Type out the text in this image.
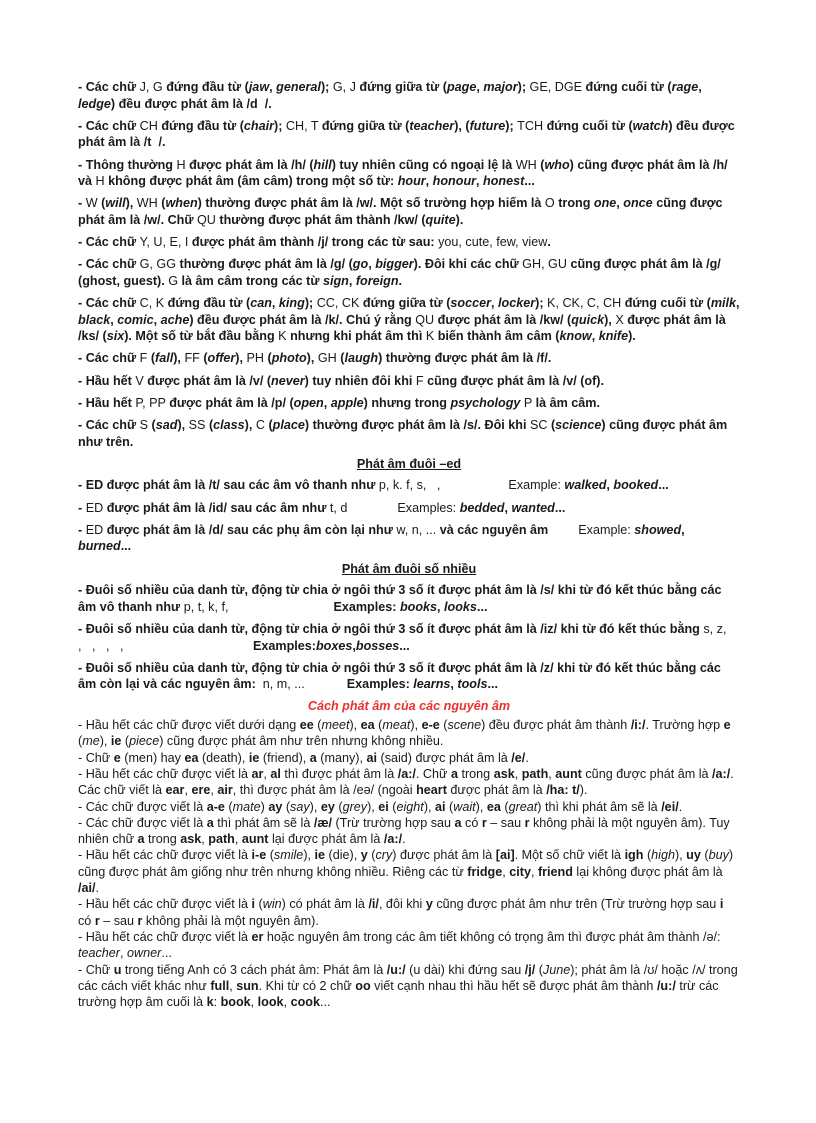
- Các chữ J, G đứng đầu từ (jaw, general); G, J đứng giữa từ (page, major); GE, DGE đứng cuối từ (rage, ledge) đều được phát âm là /d  /.

- Các chữ CH đứng đầu từ (chair); CH, T đứng giữa từ (teacher), (future); TCH đứng cuối từ (watch) đều được phát âm là /t  /.

- Thông thường H được phát âm là /h/ (hill) tuy nhiên cũng có ngoại lệ là WH (who) cũng được phát âm là /h/ và H không được phát âm (âm câm) trong một số từ: hour, honour, honest...

- W (will), WH (when) thường được phát âm là /w/. Một số trường hợp hiếm là O trong one, once cũng được phát âm là /w/. Chữ QU thường được phát âm thành /kw/ (quite).

- Các chữ Y, U, E, I được phát âm thành /j/ trong các từ sau: you, cute, few, view.

- Các chữ G, GG thường được phát âm là /g/ (go, bigger). Đôi khi các chữ GH, GU cũng được phát âm là /g/ (ghost, guest). G là âm câm trong các từ sign, foreign.

- Các chữ C, K đứng đầu từ (can, king); CC, CK đứng giữa từ (soccer, locker); K, CK, C, CH đứng cuối từ (milk, black, comic, ache) đều được phát âm là /k/. Chú ý rằng QU được phát âm là /kw/ (quick), X được phát âm là /ks/ (six). Một số từ bắt đầu bằng K nhưng khi phát âm thì K biến thành âm câm (know, knife).

- Các chữ F (fall), FF (offer), PH (photo), GH (laugh) thường được phát âm là /f/.

- Hầu hết V được phát âm là /v/ (never) tuy nhiên đôi khi F cũng được phát âm là /v/ (of).

- Hầu hết P, PP được phát âm là /p/ (open, apple) nhưng trong psychology P là âm câm.

- Các chữ S (sad), SS (class), C (place) thường được phát âm là /s/. Đôi khi SC (science) cũng được phát âm như trên.

Phát âm đuôi –ed

- ED được phát âm là /t/ sau các âm vô thanh như p, k. f, s,   ,	Example: walked, booked...

- ED được phát âm là /id/ sau các âm như t, d	Examples: bedded, wanted...

- ED được phát âm là /d/ sau các phụ âm còn lại như w, n, ... và các nguyên âm Example: showed, burned...

Phát âm đuôi số nhiều

- Đuôi số nhiều của danh từ, động từ chia ở ngôi thứ 3 số ít được phát âm là /s/ khi từ đó kết thúc bằng các âm vô thanh như p, t, k, f,	Examples: books, looks...

- Đuôi số nhiều của danh từ, động từ chia ở ngôi thứ 3 số ít được phát âm là /iz/ khi từ đó kết thúc bằng s, z,   ,   ,   ,   ,	Examples:boxes,bosses...

- Đuôi số nhiều của danh từ, động từ chia ở ngôi thứ 3 số ít được phát âm là /z/ khi từ đó kết thúc bằng các âm còn lại và các nguyên âm:  n, m, ...	Examples: learns, tools...

Cách phát âm của các nguyên âm

- Hầu hết các chữ được viết dưới dạng ee (meet), ea (meat), e-e (scene) đều được phát âm thành /i:/. Trường hợp e (me), ie (piece) cũng được phát âm như trên nhưng không nhiều.

- Chữ e (men) hay ea (death), ie (friend), a (many), ai (said) được phát âm là /e/.

- Hầu hết các chữ được viết là ar, al thì được phát âm là /a:/. Chữ a trong ask, path, aunt cũng được phát âm là /a:/. Các chữ viết là ear, ere, air, thì được phát âm là /eə/ (ngoài heart được phát âm là /ha: t/).

- Các chữ được viết là a-e (mate) ay (say), ey (grey), ei (eight), ai (wait), ea (great) thì khi phát âm sẽ là /ei/.

- Các chữ được viết là a thì phát âm sẽ là /æ/ (Trừ trường hợp sau a có r – sau r không phải là một nguyên âm). Tuy nhiên chữ a trong ask, path, aunt lại được phát âm là /a:/.

- Hầu hết các chữ được viết là i-e (smile), ie (die), y (cry) được phát âm là [ai]. Một số chữ viết là igh (high), uy (buy) cũng được phát âm giống như trên nhưng không nhiều. Riêng các từ fridge, city, friend lại không được phát âm là /ai/.

- Hầu hết các chữ được viết là i (win) có phát âm là /i/, đôi khi y cũng được phát âm như trên (Trừ trường hợp sau i có r – sau r không phải là một nguyên âm).

- Hầu hết các chữ được viết là er hoặc nguyên âm trong các âm tiết không có trọng âm thì được phát âm thành /ə/: teacher, owner...

- Chữ u trong tiếng Anh có 3 cách phát âm: Phát âm là /u:/ (u dài) khi đứng sau /j/ (June); phát âm là /ʊ/ hoặc /ʌ/ trong các cách viết khác như full, sun. Khi từ có 2 chữ oo viết cạnh nhau thì hầu hết sẽ được phát âm thành /u:/ trừ các trường hợp âm cuối là k: book, look, cook...
